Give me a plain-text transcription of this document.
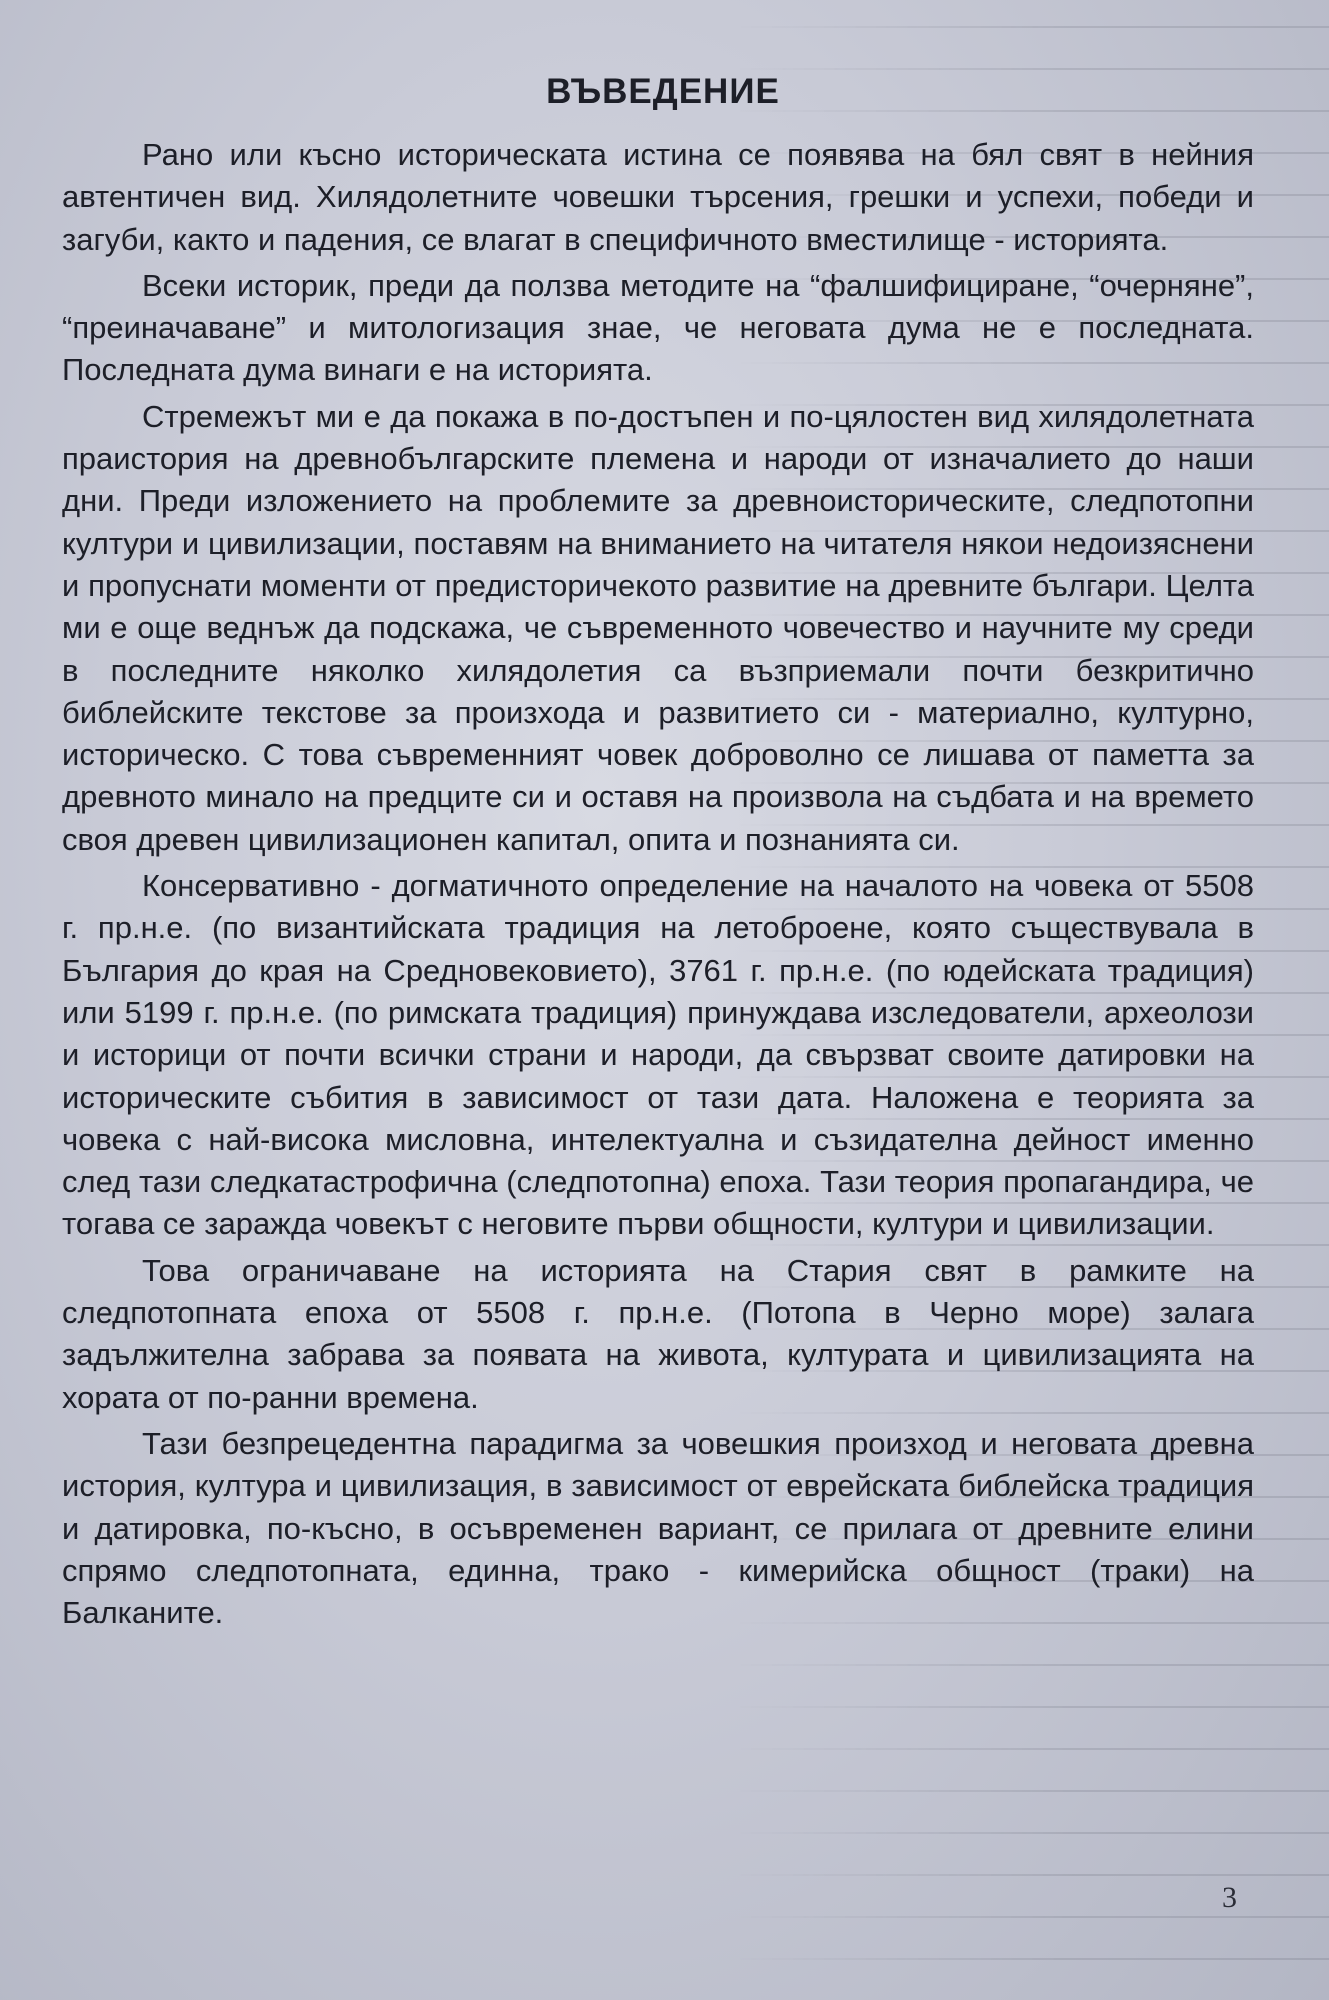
ВЪВЕДЕНИЕ

Рано или късно историческата истина се появява на бял свят в нейния автентичен вид. Хилядолетните човешки търсения, грешки и успехи, победи и загуби, както и падения, се влагат в специфичното вместилище - историята.

Всеки историк, преди да ползва методите на “фалшифициране, “очерняне”, “преиначаване” и митологизация знае, че неговата дума не е последната. Последната дума винаги е на историята.

Стремежът ми е да покажа в по-достъпен и по-цялостен вид хилядолетната праистория на древнобългарските племена и народи от изначалието до наши дни. Преди изложението на проблемите за древноисторическите, следпотопни култури и цивилизации, поставям на вниманието на читателя някои недоизяснени и пропуснати моменти от предисторичекото развитие на древните българи. Целта ми е още веднъж да подскажа, че съвременното човечество и научните му среди в последните няколко хилядолетия са възприемали почти безкритично библейските текстове за произхода и развитието си - материално, културно, историческо. С това съвременният човек доброволно се лишава от паметта за древното минало на предците си и оставя на произвола на съдбата и на времето своя древен цивилизационен капитал, опита и познанията си.

Консервативно - догматичното определение на началото на човека от 5508 г. пр.н.е. (по византийската традиция на летоброене, която съществувала в България до края на Средновековието), 3761 г. пр.н.е. (по юдейската традиция) или 5199 г. пр.н.е. (по римската традиция) принуждава изследователи, археолози и историци от почти всички страни и народи, да свързват своите датировки на историческите събития в зависимост от тази дата. Наложена е теорията за човека с най-висока мисловна, интелектуална и съзидателна дейност именно след тази следкатастрофична (следпотопна) епоха. Тази теория пропагандира, че тогава се заражда човекът с неговите първи общности, култури и цивилизации.

Това ограничаване на историята на Стария свят в рамките на следпотопната епоха от 5508 г. пр.н.е. (Потопа в Черно море) залага задължителна забрава за появата на живота, културата и цивилизацията на хората от по-ранни времена.

Тази безпрецедентна парадигма за човешкия произход и неговата древна история, култура и цивилизация, в зависимост от еврейската библейска традиция и датировка, по-късно, в осъвременен вариант, се прилага от древните елини спрямо следпотопната, единна, трако - кимерийска общност (траки) на Балканите.

3
